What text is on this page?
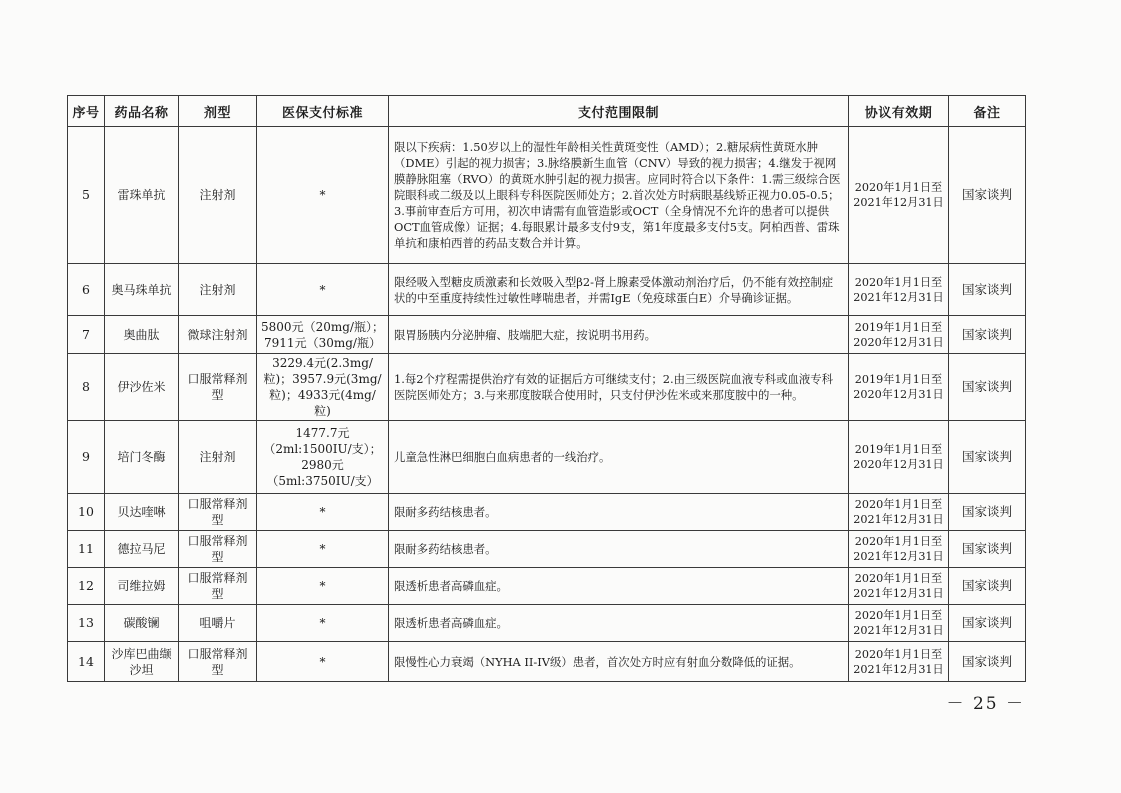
序号	药品名称	剂型	医保支付标准	支付范围限制	协议有效期	备注
5	雷珠单抗	注射剂	*	限以下疾病：1.50岁以上的湿性年龄相关性黄斑变性（AMD）；2.糖尿病性黄斑水肿（DME）引起的视力损害；3.脉络膜新生血管（CNV）导致的视力损害；4.继发于视网膜静脉阻塞（RVO）的黄斑水肿引起的视力损害。应同时符合以下条件：1.需三级综合医院眼科或二级及以上眼科专科医院医师处方；2.首次处方时病眼基线矫正视力0.05-0.5；3.事前审查后方可用，初次申请需有血管造影或OCT（全身情况不允许的患者可以提供OCT血管成像）证据；4.每眼累计最多支付9支，第1年度最多支付5支。阿柏西普、雷珠单抗和康柏西普的药品支数合并计算。	2020年1月1日至
2021年12月31日	国家谈判
6	奥马珠单抗	注射剂	*	限经吸入型糖皮质激素和长效吸入型β2-肾上腺素受体激动剂治疗后，仍不能有效控制症状的中至重度持续性过敏性哮喘患者，并需IgE（免疫球蛋白E）介导确诊证据。	2020年1月1日至
2021年12月31日	国家谈判
7	奥曲肽	微球注射剂	5800元（20mg/瓶）；7911元（30mg/瓶）	限胃肠胰内分泌肿瘤、肢端肥大症，按说明书用药。	2019年1月1日至
2020年12月31日	国家谈判
8	伊沙佐米	口服常释剂型	3229.4元(2.3mg/粒)；3957.9元(3mg/粒)；4933元(4mg/粒)	1.每2个疗程需提供治疗有效的证据后方可继续支付；2.由三级医院血液专科或血液专科医院医师处方；3.与来那度胺联合使用时，只支付伊沙佐米或来那度胺中的一种。	2019年1月1日至
2020年12月31日	国家谈判
9	培门冬酶	注射剂	1477.7元（2ml:1500IU/支）；2980元（5ml:3750IU/支）	儿童急性淋巴细胞白血病患者的一线治疗。	2019年1月1日至
2020年12月31日	国家谈判
10	贝达喹啉	口服常释剂型	*	限耐多药结核患者。	2020年1月1日至
2021年12月31日	国家谈判
11	德拉马尼	口服常释剂型	*	限耐多药结核患者。	2020年1月1日至
2021年12月31日	国家谈判
12	司维拉姆	口服常释剂型	*	限透析患者高磷血症。	2020年1月1日至
2021年12月31日	国家谈判
13	碳酸镧	咀嚼片	*	限透析患者高磷血症。	2020年1月1日至
2021年12月31日	国家谈判
14	沙库巴曲缬沙坦	口服常释剂型	*	限慢性心力衰竭（NYHA II-IV级）患者，首次处方时应有射血分数降低的证据。	2020年1月1日至
2021年12月31日	国家谈判
－ 25 －
